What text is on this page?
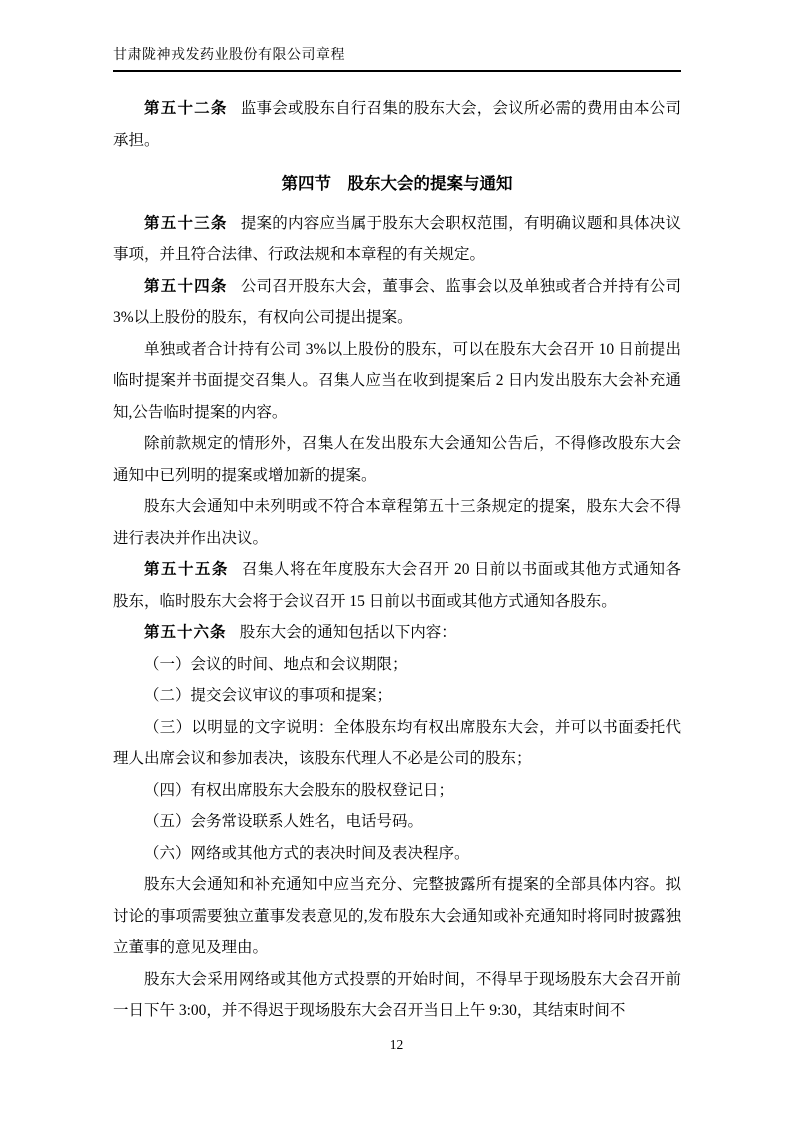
甘肃陇神戎发药业股份有限公司章程

第五十二条 监事会或股东自行召集的股东大会，会议所必需的费用由本公司承担。

第四节　股东大会的提案与通知

第五十三条 提案的内容应当属于股东大会职权范围，有明确议题和具体决议事项，并且符合法律、行政法规和本章程的有关规定。

第五十四条 公司召开股东大会，董事会、监事会以及单独或者合并持有公司 3%以上股份的股东，有权向公司提出提案。

单独或者合计持有公司 3%以上股份的股东，可以在股东大会召开 10 日前提出临时提案并书面提交召集人。召集人应当在收到提案后 2 日内发出股东大会补充通知,公告临时提案的内容。

除前款规定的情形外，召集人在发出股东大会通知公告后，不得修改股东大会通知中已列明的提案或增加新的提案。

股东大会通知中未列明或不符合本章程第五十三条规定的提案，股东大会不得进行表决并作出决议。

第五十五条 召集人将在年度股东大会召开 20 日前以书面或其他方式通知各股东，临时股东大会将于会议召开 15 日前以书面或其他方式通知各股东。

第五十六条 股东大会的通知包括以下内容：

（一）会议的时间、地点和会议期限；

（二）提交会议审议的事项和提案；

（三）以明显的文字说明：全体股东均有权出席股东大会，并可以书面委托代理人出席会议和参加表决，该股东代理人不必是公司的股东；

（四）有权出席股东大会股东的股权登记日；

（五）会务常设联系人姓名，电话号码。

（六）网络或其他方式的表决时间及表决程序。

股东大会通知和补充通知中应当充分、完整披露所有提案的全部具体内容。拟讨论的事项需要独立董事发表意见的,发布股东大会通知或补充通知时将同时披露独立董事的意见及理由。

股东大会采用网络或其他方式投票的开始时间，不得早于现场股东大会召开前一日下午 3:00，并不得迟于现场股东大会召开当日上午 9:30，其结束时间不

12
